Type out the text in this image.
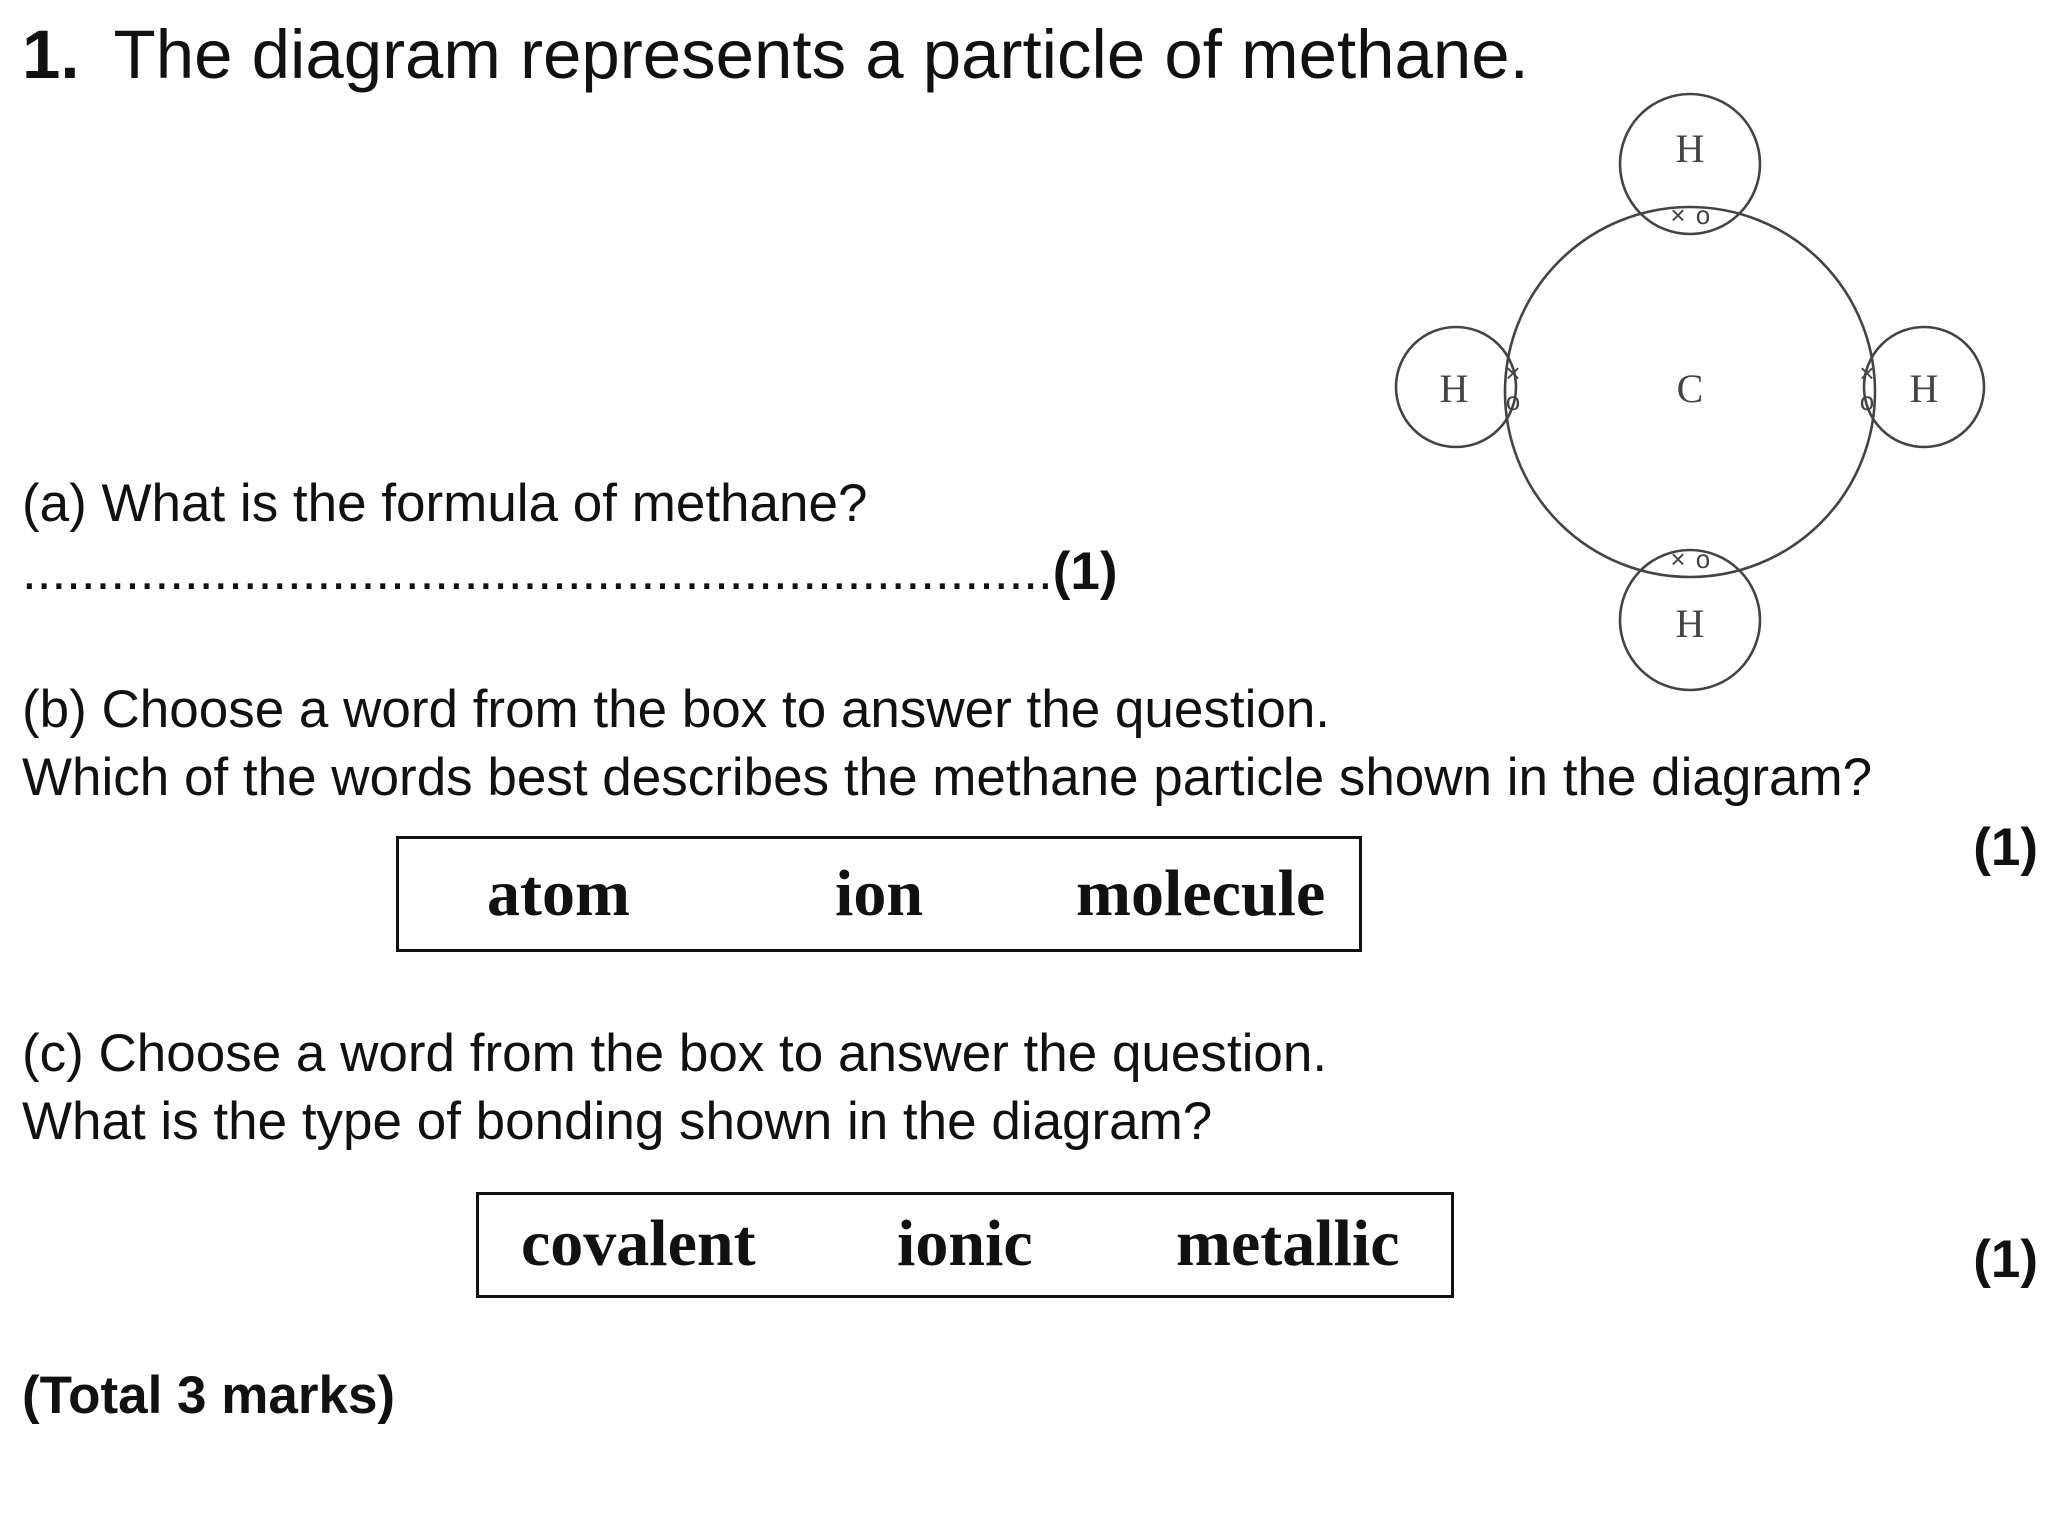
1. The diagram represents a particle of methane.
C
H
H
H	H
× o
× o
×
o
×
o
(a) What is the formula of methane?
......................................................................(1)
(b) Choose a word from the box to answer the question.
Which of the words best describes the methane particle shown in the diagram?
(1)
atom	ion molecule
(c) Choose a word from the box to answer the question.
What is the type of bonding shown in the diagram?
covalent ionic metallic	(1)
(Total 3 marks)
